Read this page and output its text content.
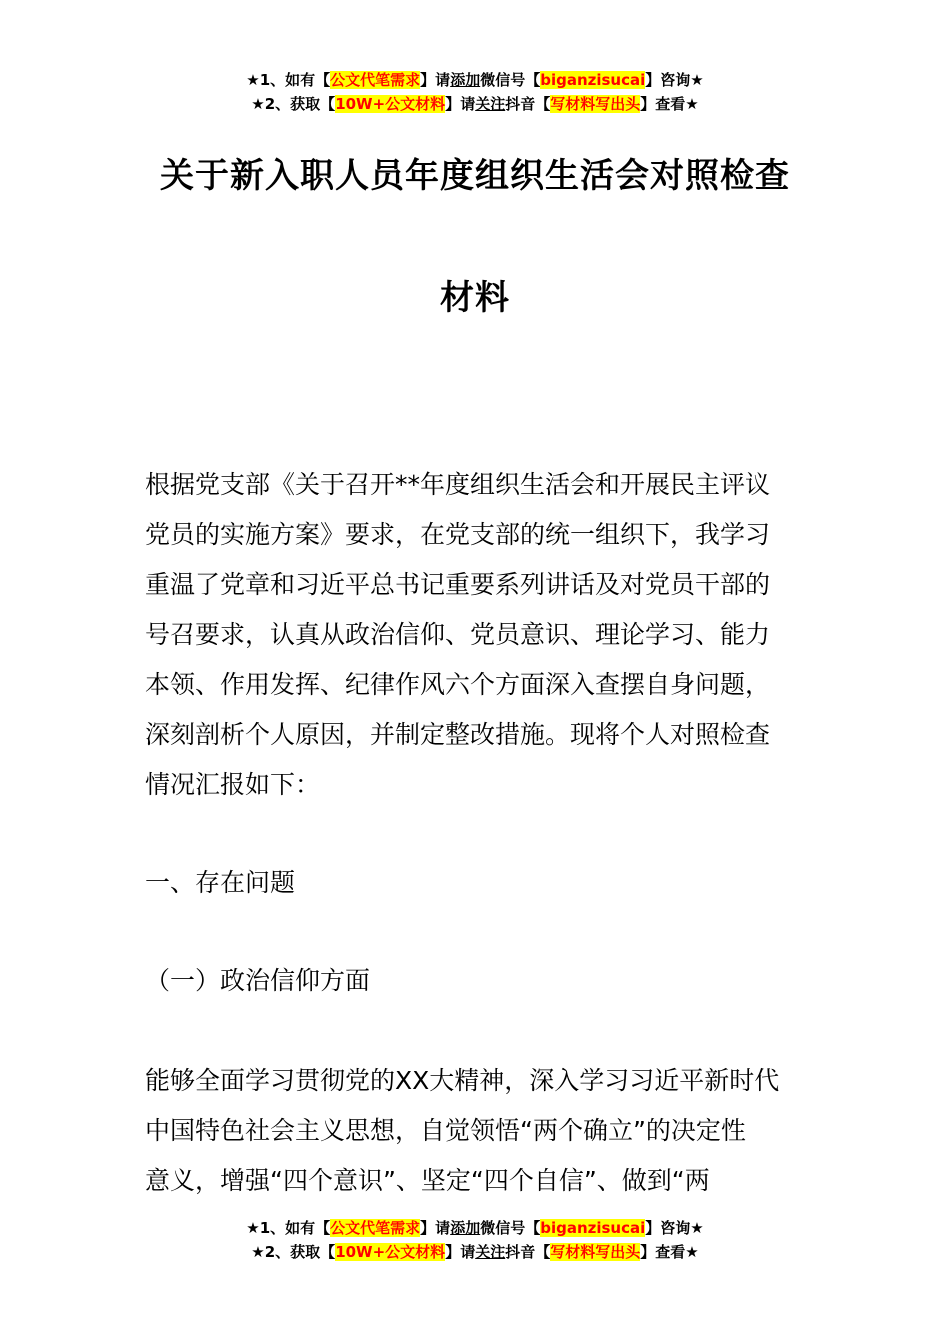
★1、如有【公文代笔需求】请添加微信号【biganzisucai】咨询★
★2、获取【10W+公文材料】请关注抖音【写材料写出头】查看★
关于新入职人员年度组织生活会对照检查
材料
根据党支部《关于召开**年度组织生活会和开展民主评议
党员的实施方案》要求，在党支部的统一组织下，我学习
重温了党章和习近平总书记重要系列讲话及对党员干部的
号召要求，认真从政治信仰、党员意识、理论学习、能力
本领、作用发挥、纪律作风六个方面深入查摆自身问题，
深刻剖析个人原因，并制定整改措施。现将个人对照检查
情况汇报如下：
一、存在问题
（一）政治信仰方面
能够全面学习贯彻党的XX大精神，深入学习习近平新时代
中国特色社会主义思想，自觉领悟“两个确立”的决定性
意义，增强“四个意识”、坚定“四个自信”、做到“两
★1、如有【公文代笔需求】请添加微信号【biganzisucai】咨询★
★2、获取【10W+公文材料】请关注抖音【写材料写出头】查看★
